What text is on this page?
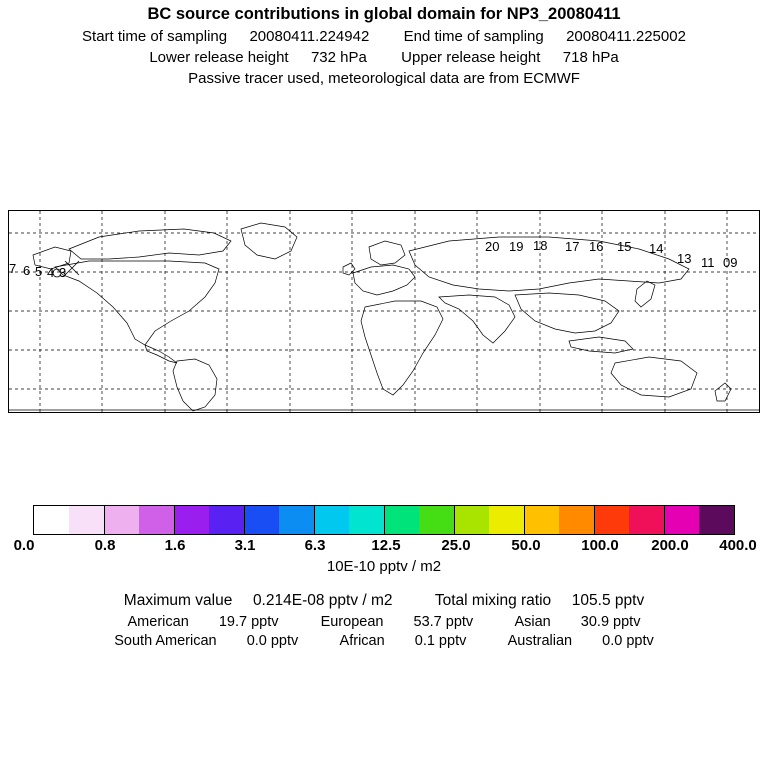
BC source contributions in global domain for NP3_20080411
Start time of sampling 20080411.224942 End time of sampling 20080411.225002
Lower release height 732 hPa Upper release height 718 hPa
Passive tracer used, meteorological data are from ECMWF
20 19 18 17 16 15 14
13 11 09
7 6 5 4 3
0.0	0.8	1.6	3.1	6.3	12.5	25.0	50.0	100.0 200.0 400.0
10E-10 pptv / m2
Maximum value 0.214E-08 pptv / m2	Total mixing ratio 105.5 pptv
American 19.7 pptv	European 53.7 pptv	Asian 30.9 pptv
South American 0.0 pptv	African 0.1 pptv	Australian 0.0 pptv
